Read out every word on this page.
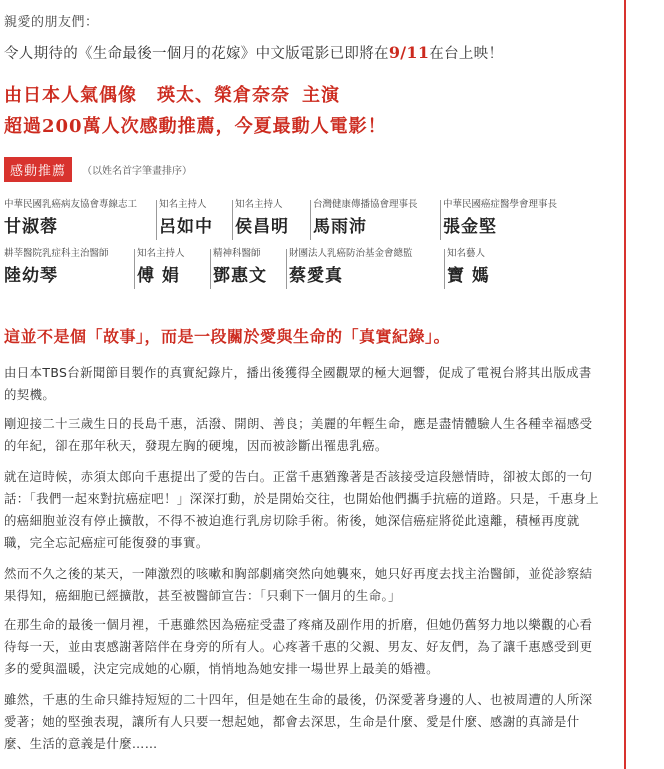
親愛的朋友們：
令人期待的《生命最後一個月的花嫁》中文版電影已即將在9/11在台上映！
由日本人氣偶像 瑛太、榮倉奈奈 主演
超過200萬人次感動推薦，今夏最動人電影！
感動推薦	（以姓名首字筆畫排序）
中華民國乳癌病友協會專線志工
甘淑蓉
知名主持人
呂如中
知名主持人
侯昌明
台灣健康傳播協會理事長
馬雨沛
中華民國癌症醫學會理事長
張金堅
耕莘醫院乳症科主治醫師
陸幼琴
知名主持人
傅 娟
精神科醫師
鄧惠文
財團法人乳癌防治基金會總監
蔡愛真
知名藝人
寶 媽
這並不是個「故事」，而是一段關於愛與生命的「真實紀錄」。

由日本TBS台新聞節目製作的真實紀錄片，播出後獲得全國觀眾的極大迴響，促成了電視台將其出版成書的契機。

剛迎接二十三歲生日的長島千惠，活潑、開朗、善良；美麗的年輕生命，應是盡情體驗人生各種幸福感受的年紀，卻在那年秋天，發現左胸的硬塊，因而被診斷出罹患乳癌。

就在這時候，赤須太郎向千惠提出了愛的告白。正當千惠猶豫著是否該接受這段戀情時，卻被太郎的一句話：「我們一起來對抗癌症吧！」深深打動，於是開始交往，也開始他們攜手抗癌的道路。只是，千惠身上的癌細胞並沒有停止擴散，不得不被迫進行乳房切除手術。術後，她深信癌症將從此遠離，積極再度就職，完全忘記癌症可能復發的事實。

然而不久之後的某天，一陣激烈的咳嗽和胸部劇痛突然向她襲來，她只好再度去找主治醫師，並從診察結果得知，癌細胞已經擴散，甚至被醫師宣告：「只剩下一個月的生命。」

在那生命的最後一個月裡，千惠雖然因為癌症受盡了疼痛及副作用的折磨，但她仍舊努力地以樂觀的心看待每一天，並由衷感謝著陪伴在身旁的所有人。心疼著千惠的父親、男友、好友們，為了讓千惠感受到更多的愛與溫暖，決定完成她的心願，悄悄地為她安排一場世界上最美的婚禮。

雖然，千惠的生命只維持短短的二十四年，但是她在生命的最後，仍深愛著身邊的人、也被周遭的人所深愛著；她的堅強表現，讓所有人只要一想起她，都會去深思，生命是什麼、愛是什麼、感謝的真諦是什麼、生活的意義是什麼……
